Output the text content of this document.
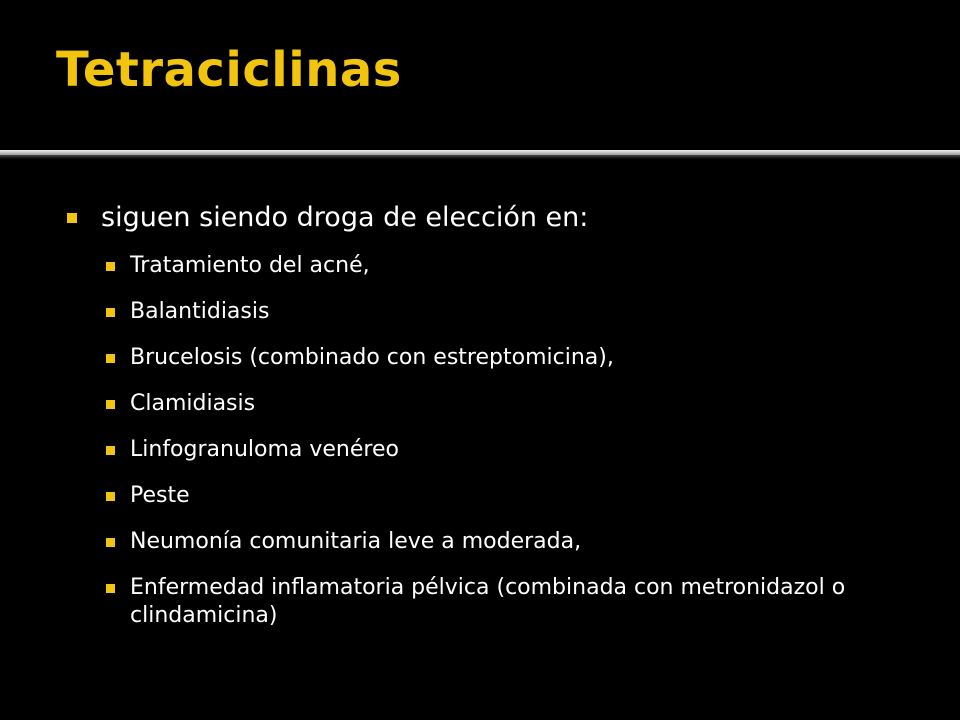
Tetraciclinas
siguen siendo droga de elección en:
Tratamiento del acné,
Balantidiasis
Brucelosis (combinado con estreptomicina),
Clamidiasis
Linfogranuloma venéreo
Peste
Neumonía comunitaria leve a moderada,
Enfermedad inflamatoria pélvica (combinada con metronidazol o clindamicina)
